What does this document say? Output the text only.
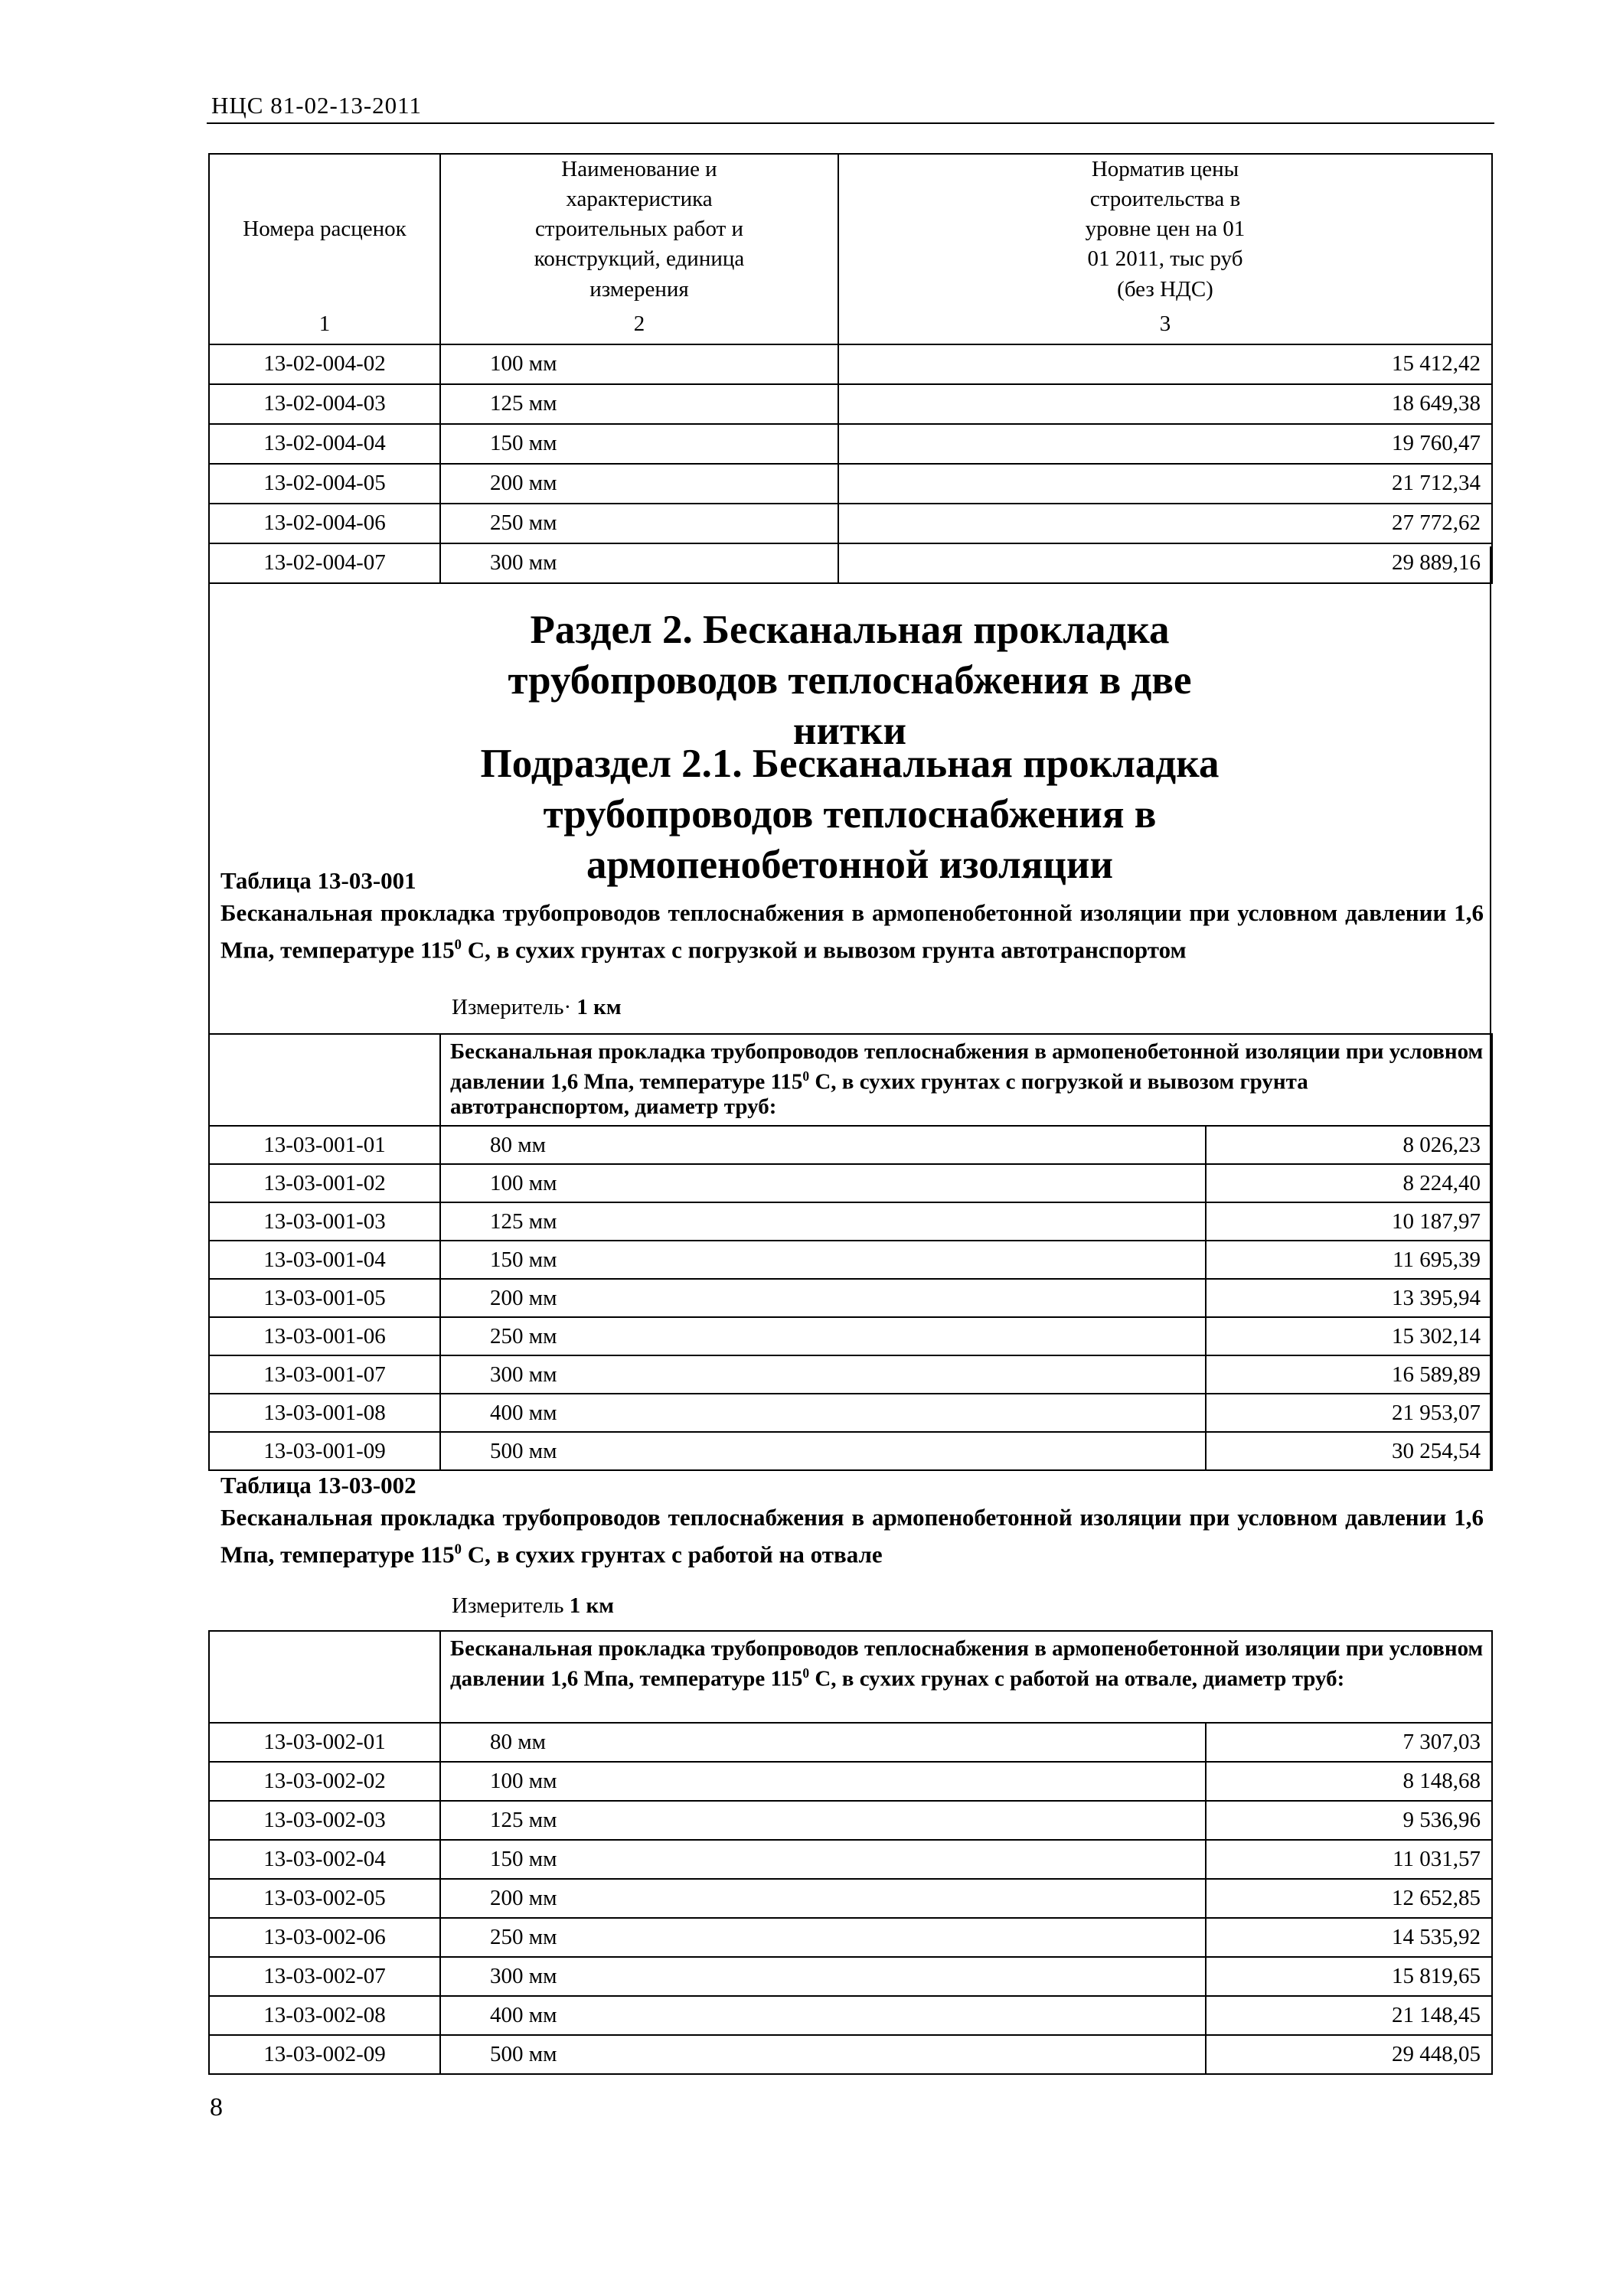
НЦС 81-02-13-2011
Номера расценок	Наименование и характеристика строительных работ и конструкций, единица измерения	Норматив цены строительства в уровне цен на 01 01 2011, тыс руб (без НДС)
1	2	3
13-02-004-02	100 мм	15 412,42
13-02-004-03	125 мм	18 649,38
13-02-004-04	150 мм	19 760,47
13-02-004-05	200 мм	21 712,34
13-02-004-06	250 мм	27 772,62
13-02-004-07	300 мм	29 889,16
Раздел 2. Бесканальная прокладка трубопроводов теплоснабжения в две нитки
Подраздел 2.1. Бесканальная прокладка трубопроводов теплоснабжения в армопенобетонной изоляции
Таблица 13-03-001
Бесканальная прокладка трубопроводов теплоснабжения в армопенобетонной изоляции при условном давлении 1,6 Мпа, температуре $115^0$ С, в сухих грунтах с погрузкой и вывозом грунта автотранспортом
Измеритель· 1 км
	Бесканальная прокладка трубопроводов теплоснабжения в армопенобетонной изоляции при условном давлении 1,6 Мпа, температуре $115^0$ С, в сухих грунтах с погрузкой и вывозом грунта автотранспортом, диаметр труб:	
13-03-001-01	80 мм	8 026,23
13-03-001-02	100 мм	8 224,40
13-03-001-03	125 мм	10 187,97
13-03-001-04	150 мм	11 695,39
13-03-001-05	200 мм	13 395,94
13-03-001-06	250 мм	15 302,14
13-03-001-07	300 мм	16 589,89
13-03-001-08	400 мм	21 953,07
13-03-001-09	500 мм	30 254,54
Таблица 13-03-002
Бесканальная прокладка трубопроводов теплоснабжения в армопенобетонной изоляции при условном давлении 1,6 Мпа, температуре $115^0$ С, в сухих грунтах с работой на отвале
Измеритель 1 км
	Бесканальная прокладка трубопроводов теплоснабжения в армопенобетонной изоляции при условном давлении 1,6 Мпа, температуре $115^0$ С, в сухих грунах с работой на отвале, диаметр труб:	
13-03-002-01	80 мм	7 307,03
13-03-002-02	100 мм	8 148,68
13-03-002-03	125 мм	9 536,96
13-03-002-04	150 мм	11 031,57
13-03-002-05	200 мм	12 652,85
13-03-002-06	250 мм	14 535,92
13-03-002-07	300 мм	15 819,65
13-03-002-08	400 мм	21 148,45
13-03-002-09	500 мм	29 448,05
8
